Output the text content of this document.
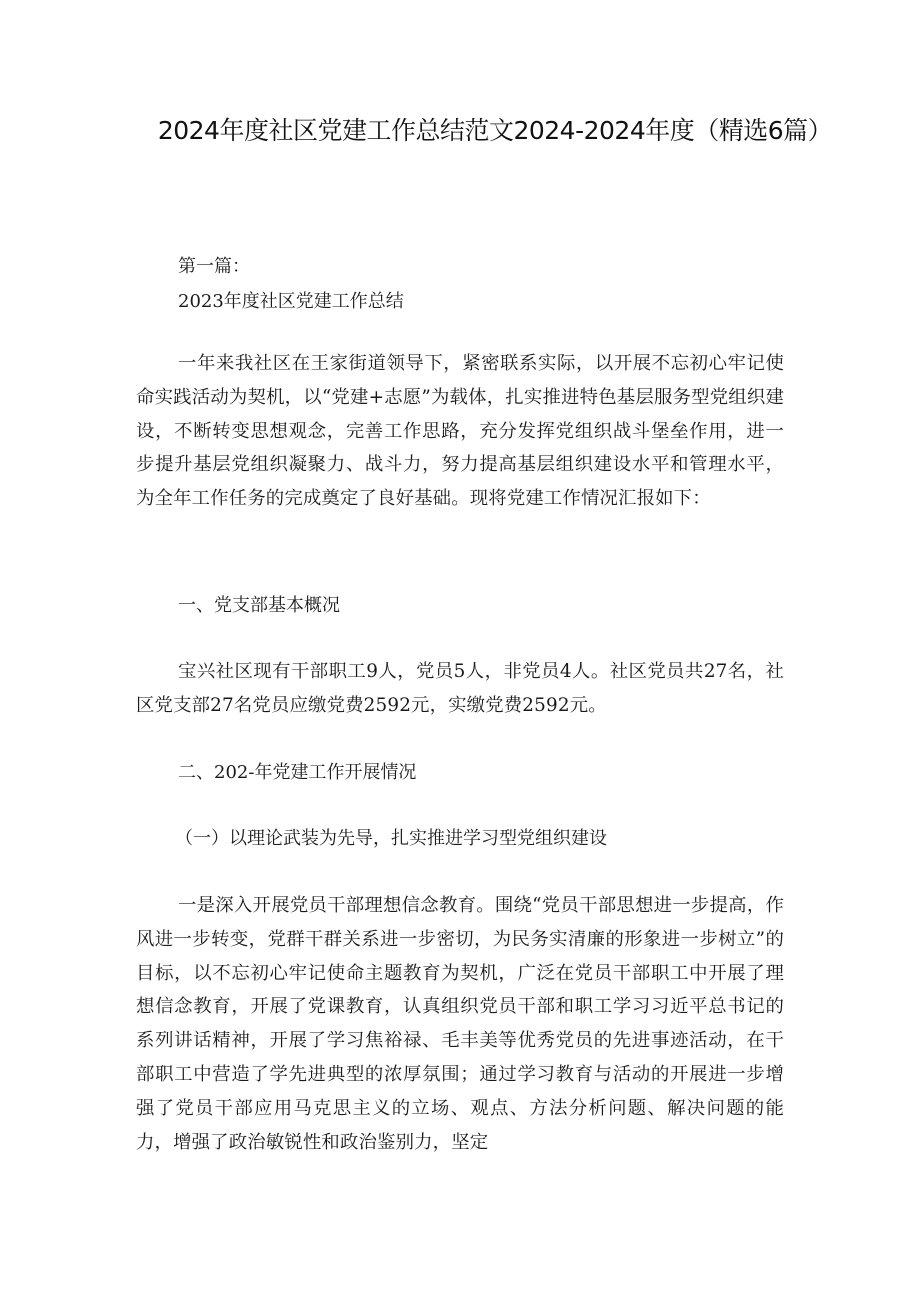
2024年度社区党建工作总结范文2024-2024年度（精选6篇）

第一篇：

2023年度社区党建工作总结

一年来我社区在王家街道领导下，紧密联系实际，以开展不忘初心牢记使命实践活动为契机，以“党建+志愿”为载体，扎实推进特色基层服务型党组织建设，不断转变思想观念，完善工作思路，充分发挥党组织战斗堡垒作用，进一步提升基层党组织凝聚力、战斗力，努力提高基层组织建设水平和管理水平，为全年工作任务的完成奠定了良好基础。现将党建工作情况汇报如下：

一、党支部基本概况

宝兴社区现有干部职工9人，党员5人，非党员4人。社区党员共27名，社区党支部27名党员应缴党费2592元，实缴党费2592元。

二、202-年党建工作开展情况

（一）以理论武装为先导，扎实推进学习型党组织建设

一是深入开展党员干部理想信念教育。围绕“党员干部思想进一步提高，作风进一步转变，党群干群关系进一步密切，为民务实清廉的形象进一步树立”的目标，以不忘初心牢记使命主题教育为契机，广泛在党员干部职工中开展了理想信念教育，开展了党课教育，认真组织党员干部和职工学习习近平总书记的系列讲话精神，开展了学习焦裕禄、毛丰美等优秀党员的先进事迹活动，在干部职工中营造了学先进典型的浓厚氛围；通过学习教育与活动的开展进一步增强了党员干部应用马克思主义的立场、观点、方法分析问题、解决问题的能力，增强了政治敏锐性和政治鉴别力，坚定
